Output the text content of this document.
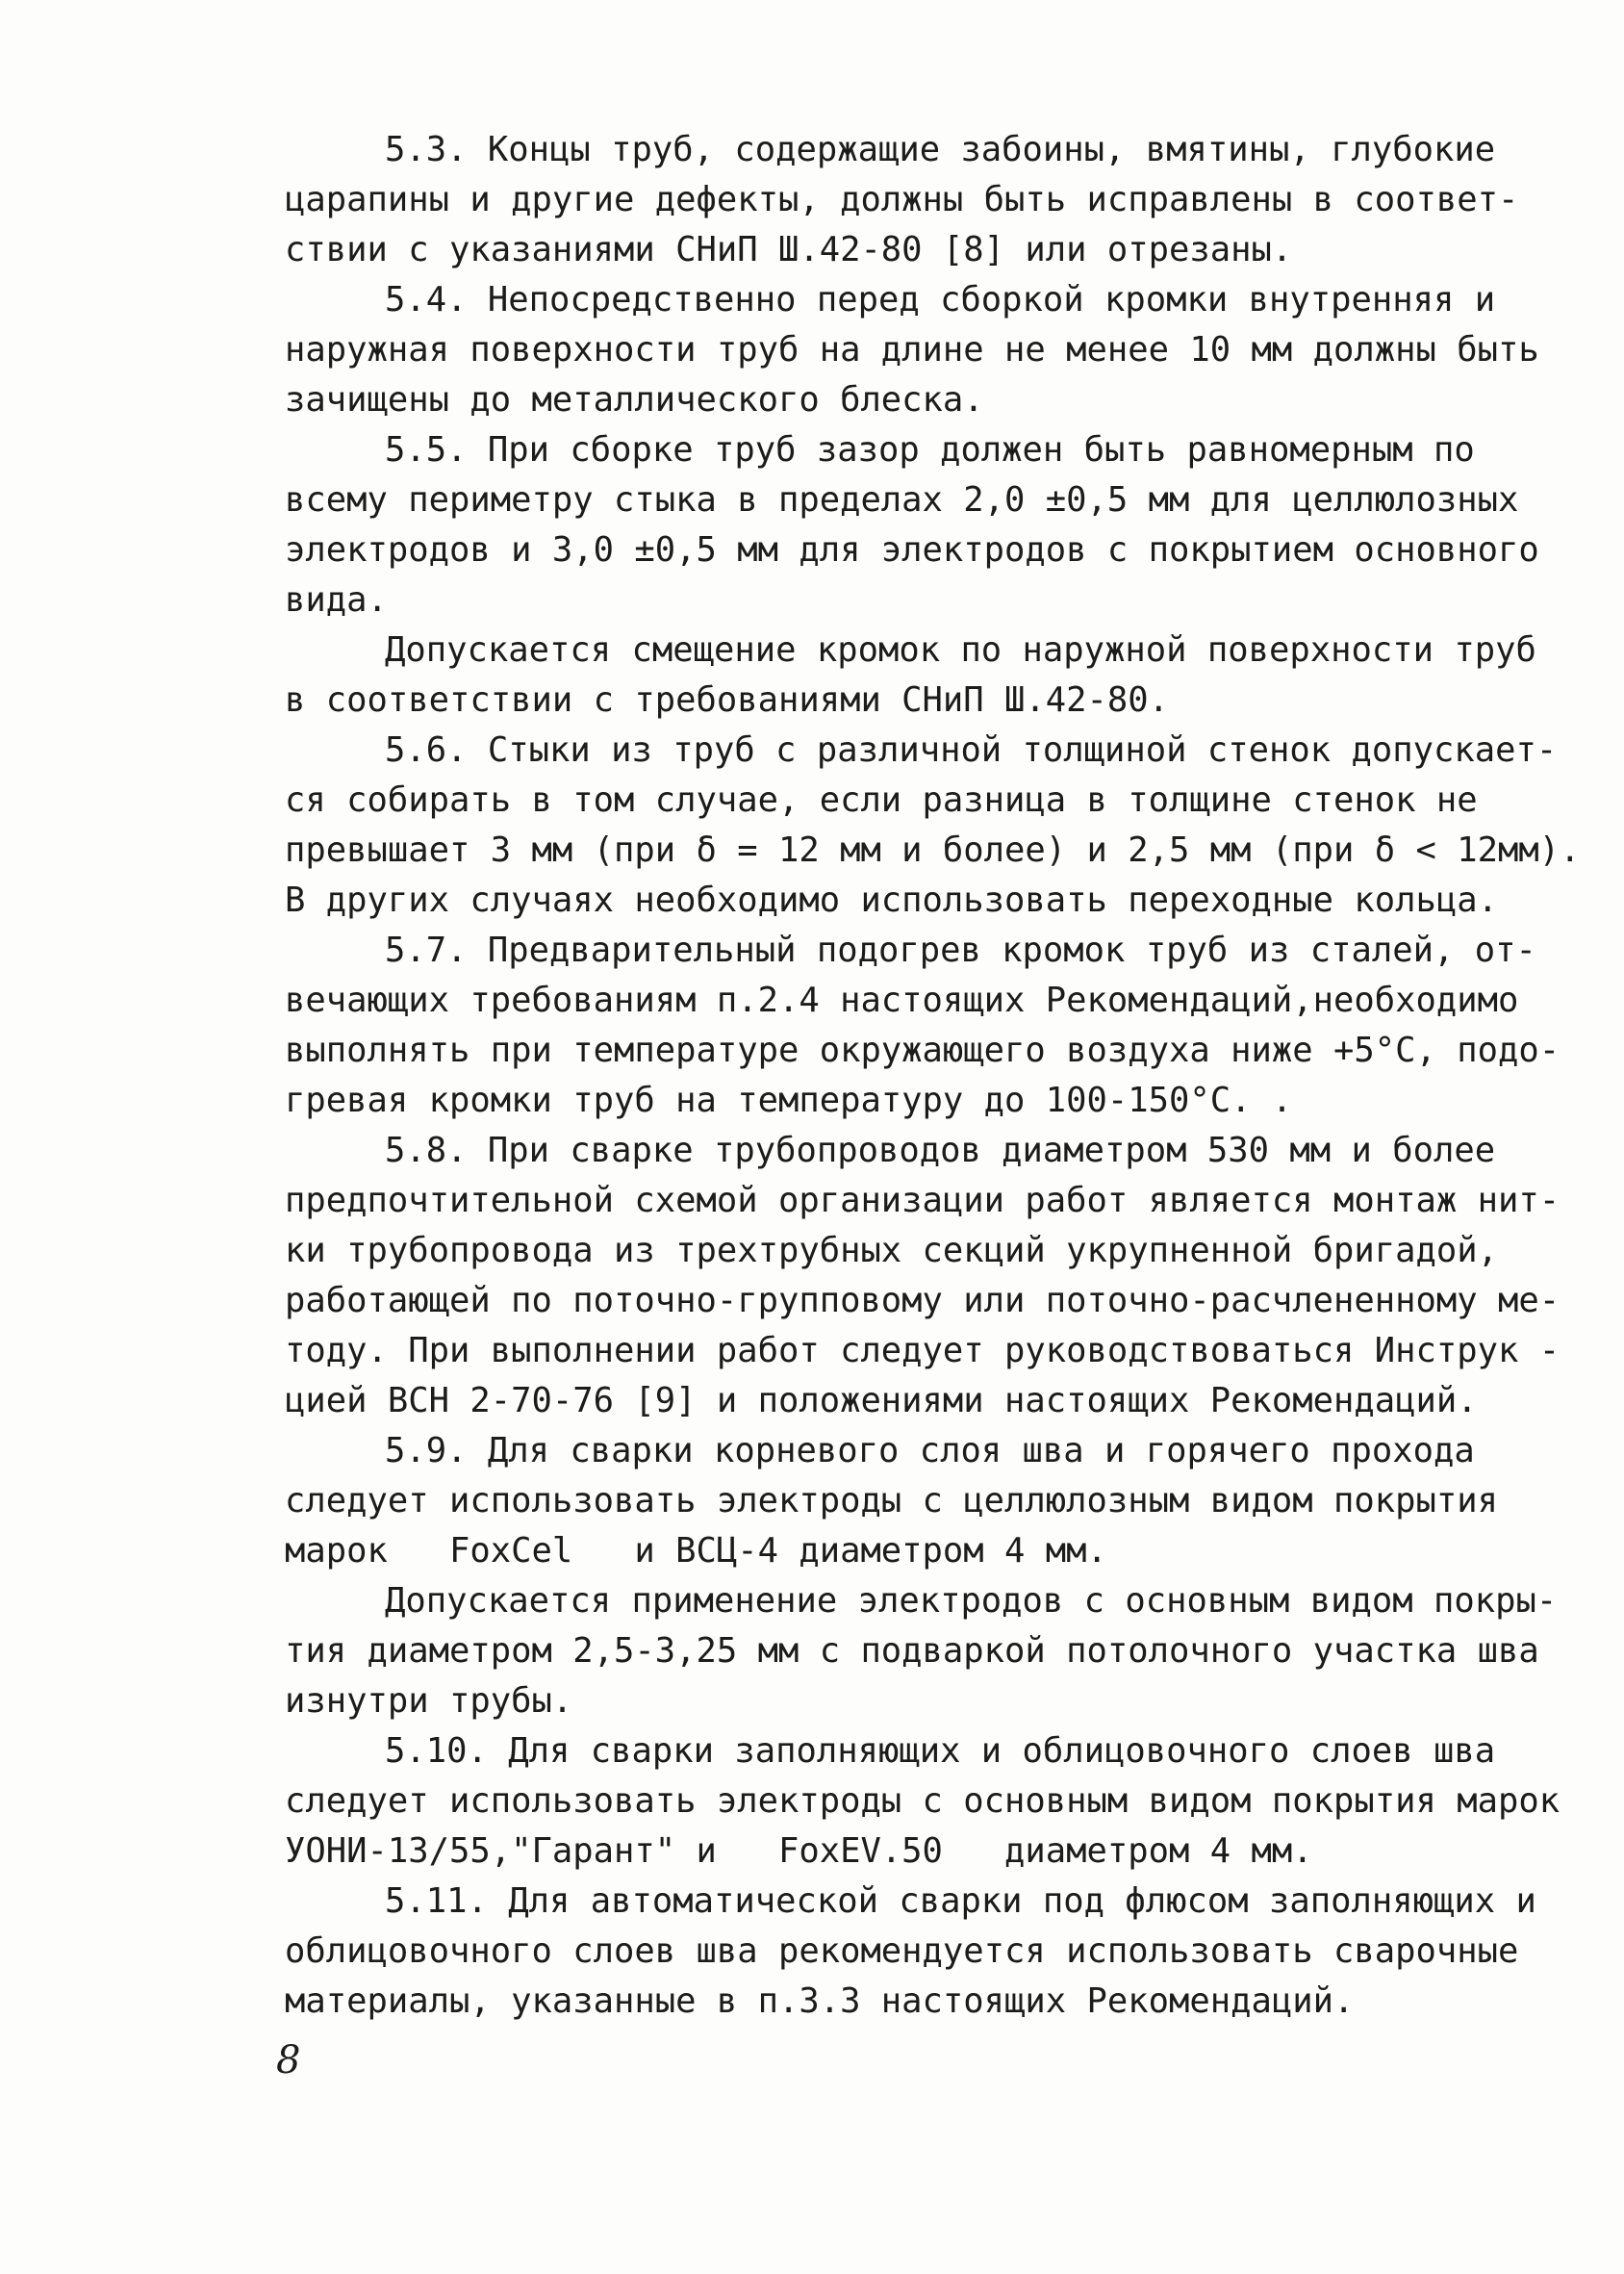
5.3. Концы труб, содержащие забоины, вмятины, глубокие
царапины и другие дефекты, должны быть исправлены в соответ-
ствии с указаниями СНиП Ш.42-80 [8] или отрезаны.
5.4. Непосредственно перед сборкой кромки внутренняя и
наружная поверхности труб на длине не менее 10 мм должны быть
зачищены до металлического блеска.
5.5. При сборке труб зазор должен быть равномерным по
всему периметру стыка в пределах 2,0 ±0,5 мм для целлюлозных
электродов и 3,0 ±0,5 мм для электродов с покрытием основного
вида.
Допускается смещение кромок по наружной поверхности труб
в соответствии с требованиями СНиП Ш.42-80.
5.6. Стыки из труб с различной толщиной стенок допускает-
ся собирать в том случае, если разница в толщине стенок не
превышает 3 мм (при δ = 12 мм и более) и 2,5 мм (при δ < 12мм).
В других случаях необходимо использовать переходные кольца.
5.7. Предварительный подогрев кромок труб из сталей, от-
вечающих требованиям п.2.4 настоящих Рекомендаций,необходимо
выполнять при температуре окружающего воздуха ниже +5°С, подо-
гревая кромки труб на температуру до 100-150°С. .
5.8. При сварке трубопроводов диаметром 530 мм и более
предпочтительной схемой организации работ является монтаж нит-
ки трубопровода из трехтрубных секций укрупненной бригадой,
работающей по поточно-групповому или поточно-расчлененному ме-
тоду. При выполнении работ следует руководствоваться Инструк -
цией ВСН 2-70-76 [9] и положениями настоящих Рекомендаций.
5.9. Для сварки корневого слоя шва и горячего прохода
следует использовать электроды с целлюлозным видом покрытия
марок   FoxCel   и ВСЦ-4 диаметром 4 мм.
Допускается применение электродов с основным видом покры-
тия диаметром 2,5-3,25 мм с подваркой потолочного участка шва
изнутри трубы.
5.10. Для сварки заполняющих и облицовочного слоев шва
следует использовать электроды с основным видом покрытия марок
УОНИ-13/55,"Гарант" и   FoxEV.50   диаметром 4 мм.
5.11. Для автоматической сварки под флюсом заполняющих и
облицовочного слоев шва рекомендуется использовать сварочные
материалы, указанные в п.3.3 настоящих Рекомендаций.
8
